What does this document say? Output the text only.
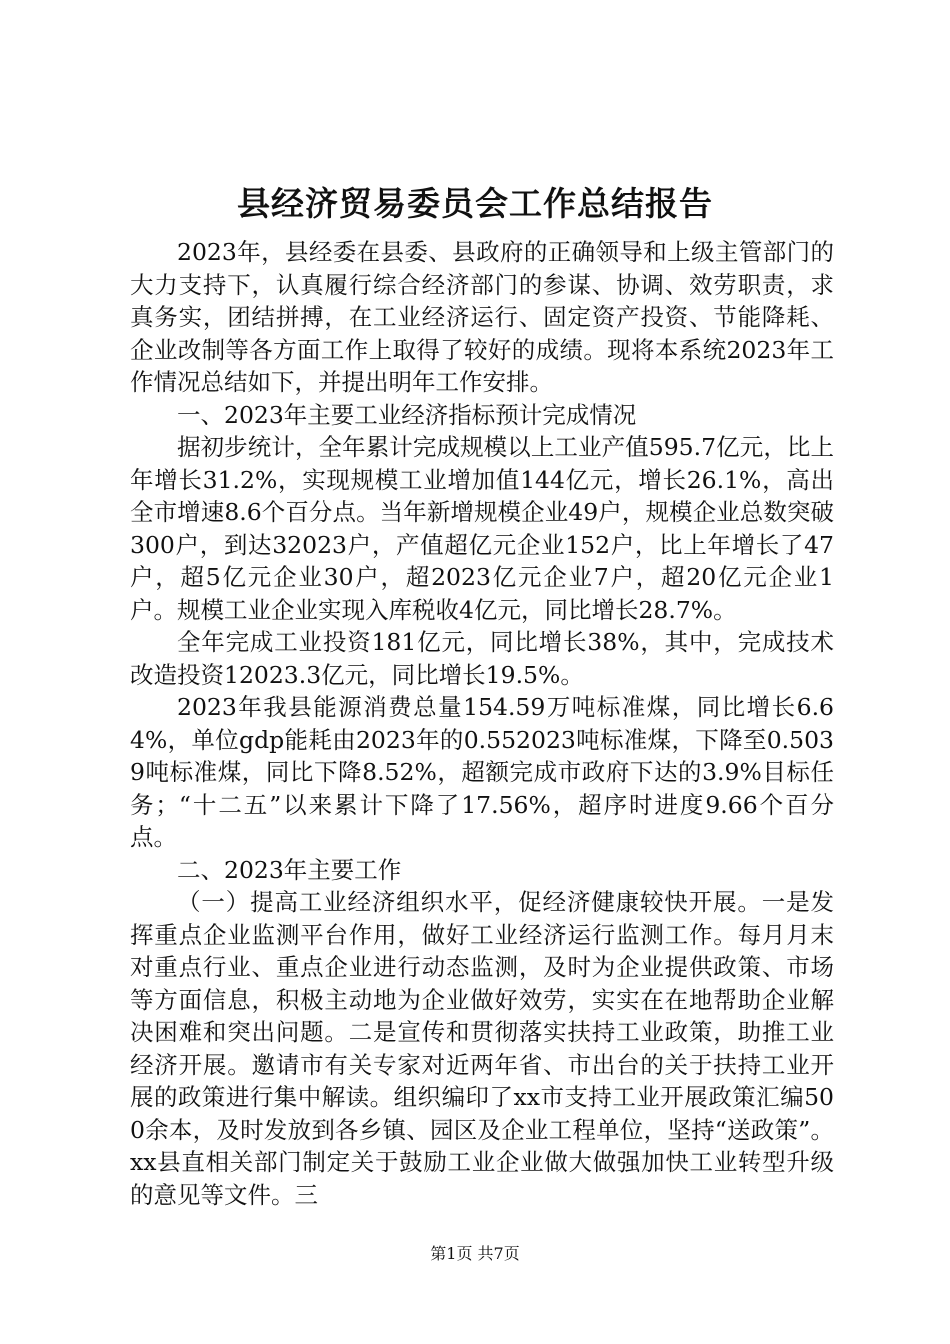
县经济贸易委员会工作总结报告

2023年，县经委在县委、县政府的正确领导和上级主管部门的大力支持下，认真履行综合经济部门的参谋、协调、效劳职责，求真务实，团结拼搏，在工业经济运行、固定资产投资、节能降耗、企业改制等各方面工作上取得了较好的成绩。现将本系统2023年工作情况总结如下，并提出明年工作安排。

一、2023年主要工业经济指标预计完成情况

据初步统计，全年累计完成规模以上工业产值595.7亿元，比上年增长31.2%，实现规模工业增加值144亿元，增长26.1%，高出全市增速8.6个百分点。当年新增规模企业49户，规模企业总数突破300户，到达32023户，产值超亿元企业152户，比上年增长了47户，超5亿元企业30户，超2023亿元企业7户，超20亿元企业1户。规模工业企业实现入库税收4亿元，同比增长28.7%。

全年完成工业投资181亿元，同比增长38%，其中，完成技术改造投资12023.3亿元，同比增长19.5%。

2023年我县能源消费总量154.59万吨标准煤，同比增长6.64%，单位gdp能耗由2023年的0.552023吨标准煤，下降至0.5039吨标准煤，同比下降8.52%，超额完成市政府下达的3.9%目标任务；“十二五”以来累计下降了17.56%，超序时进度9.66个百分点。

二、2023年主要工作

（一）提高工业经济组织水平，促经济健康较快开展。一是发挥重点企业监测平台作用，做好工业经济运行监测工作。每月月末对重点行业、重点企业进行动态监测，及时为企业提供政策、市场等方面信息，积极主动地为企业做好效劳，实实在在地帮助企业解决困难和突出问题。二是宣传和贯彻落实扶持工业政策，助推工业经济开展。邀请市有关专家对近两年省、市出台的关于扶持工业开展的政策进行集中解读。组织编印了xx市支持工业开展政策汇编500余本，及时发放到各乡镇、园区及企业工程单位，坚持“送政策”。xx县直相关部门制定关于鼓励工业企业做大做强加快工业转型升级的意见等文件。三

第1页 共7页
